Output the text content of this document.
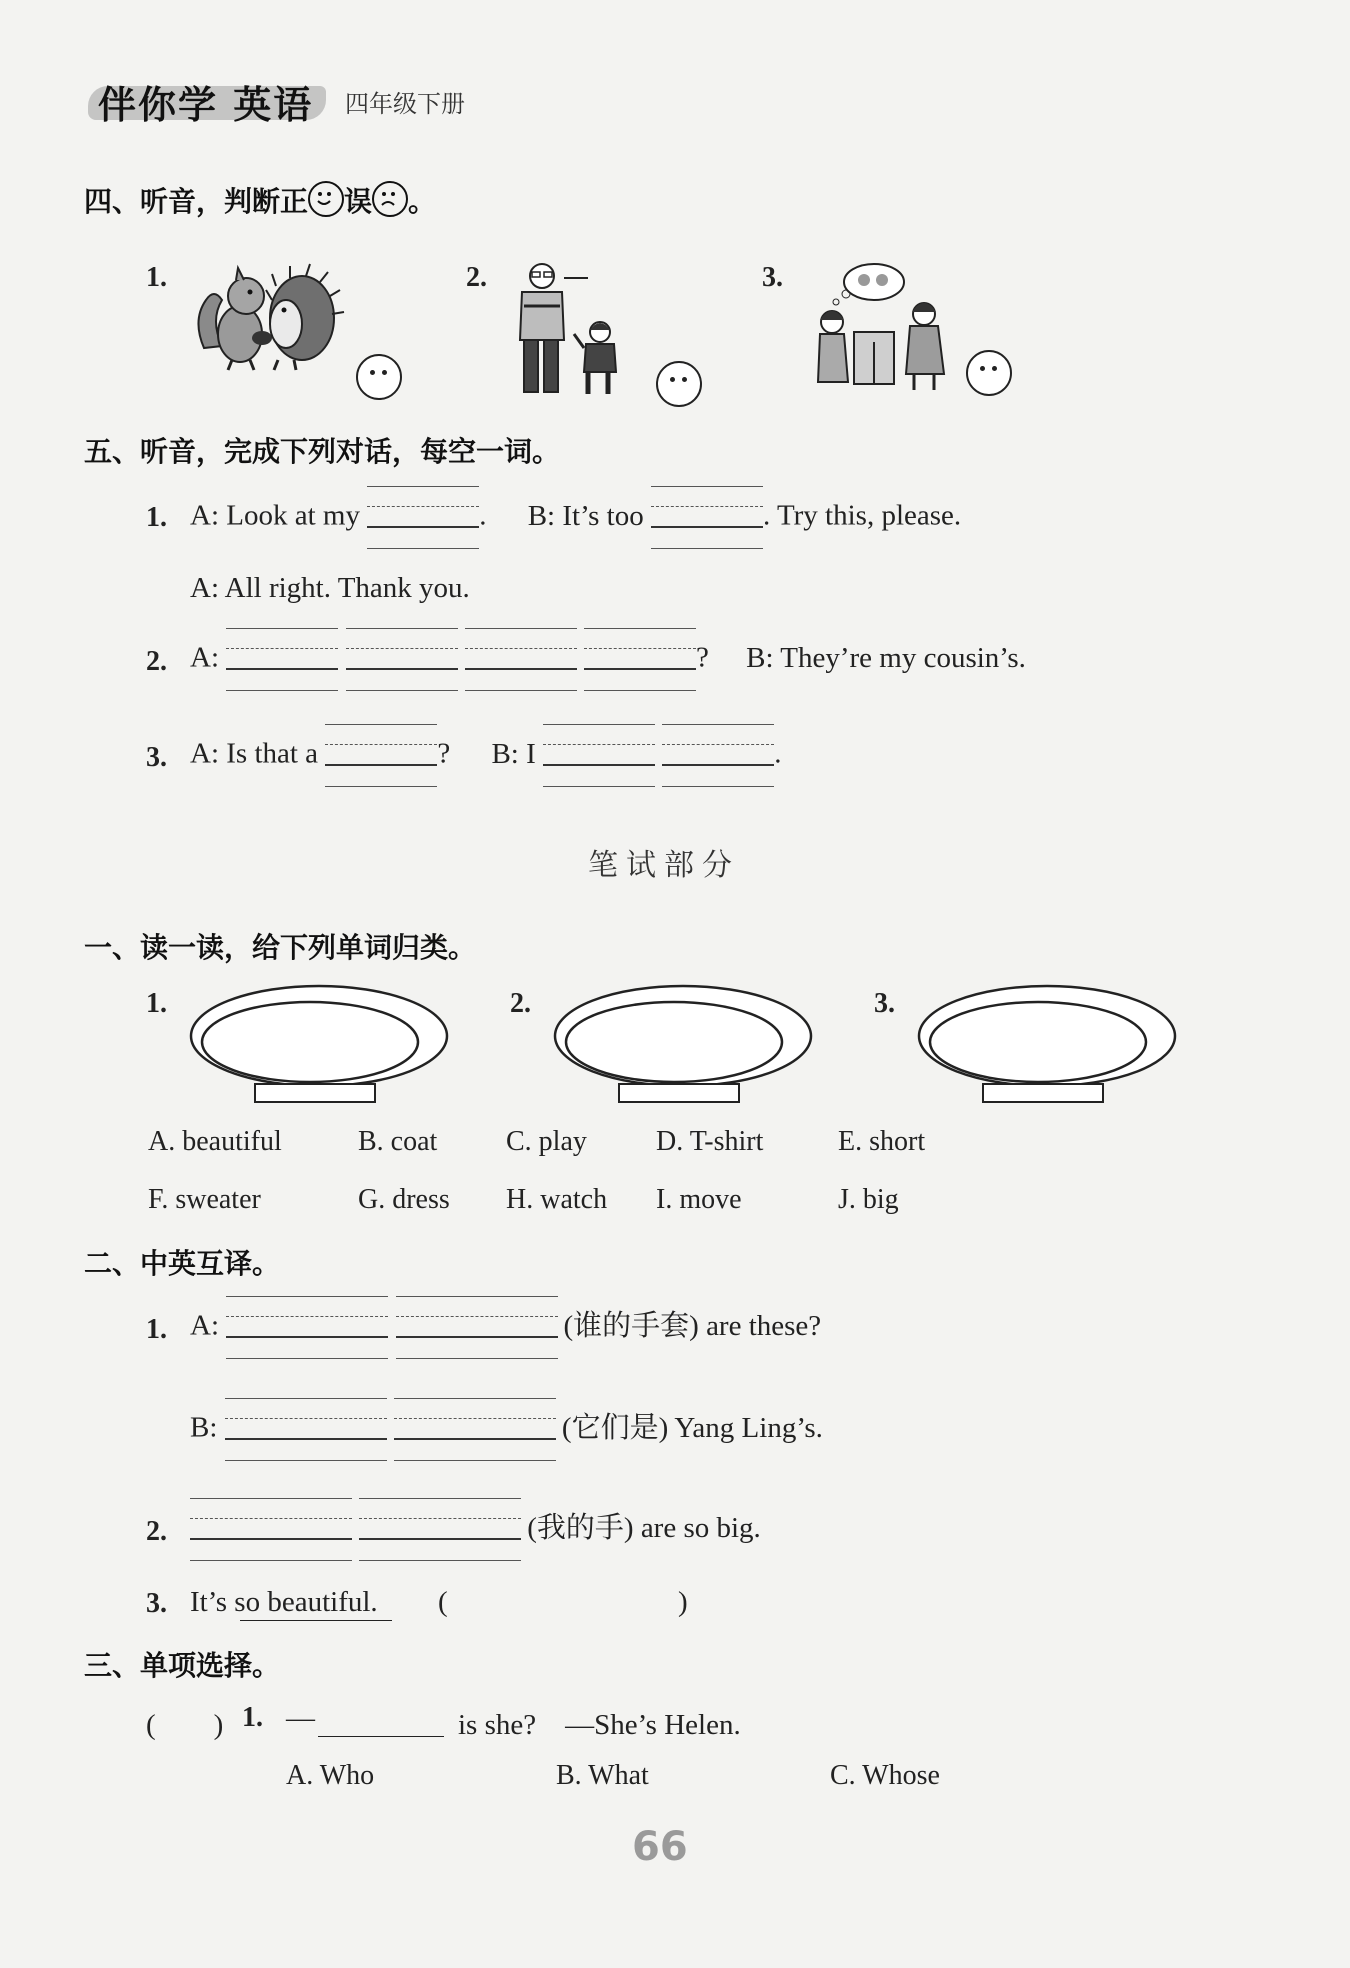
伴你学 英语 四年级下册
四、听音，判断正 误 。
1.	2.	3.
五、听音，完成下列对话，每空一词。
1. A: Look at my	. B: It’s too	. Try this, please.
A: All right. Thank you.
2. A:

	? B: They’re my cousin’s.
3. A: Is that a	? B: I
	.
笔试部分
一、读一读，给下列单词归类。
1.	2.	3.
A. beautiful	B. coat C. play D. T-shirt	E. short
F. sweater	G. dress H. watch I. move	J. big
二、中英互译。
1. A:
	(谁的手套) are these?
B:
	(它们是) Yang Ling’s.
2.
	(我的手) are so big.
3. It’s so beautiful. (	)
三、单项选择。
(　　) 1. —	is she?　—She’s Helen.
A. Who	B. What	C. Whose
66
